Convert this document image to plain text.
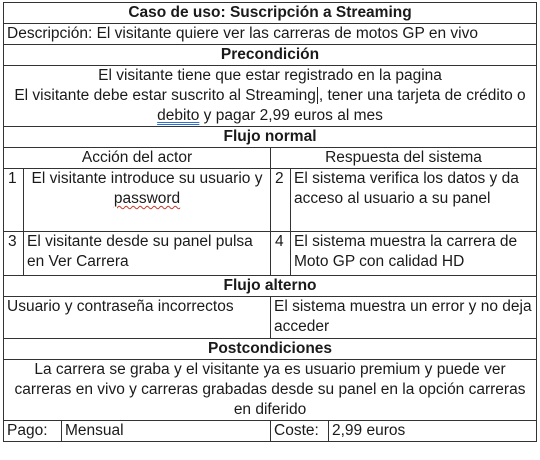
Caso de uso: Suscripción a Streaming					
Descripción: El visitante quiere ver las carreras de motos GP en vivo					
Precondición					

El visitante tiene que estar registrado en la pagina
El visitante debe estar suscrito al Streaming , tener una tarjeta de crédito o debito y pagar 2,99 euros al mes					

Flujo normal					
Acción del actor			Respuesta del sistema		
1	El visitante introduce su usuario y password		2	El sistema verifica los datos y da acceso al usuario a su panel	
3	El visitante desde su panel pulsa en Ver Carrera		4	El sistema muestra la carrera de Moto GP con calidad HD	
Flujo alterno					
Usuario y contraseña incorrectos			El sistema muestra un error y no deja acceder		
Postcondiciones					
La carrera se graba y el visitante ya es usuario premium y puede ver carreras en vivo y carreras grabadas desde su panel en la opción carreras en diferido					
Pago:		Mensual	Coste:		2,99 euros
